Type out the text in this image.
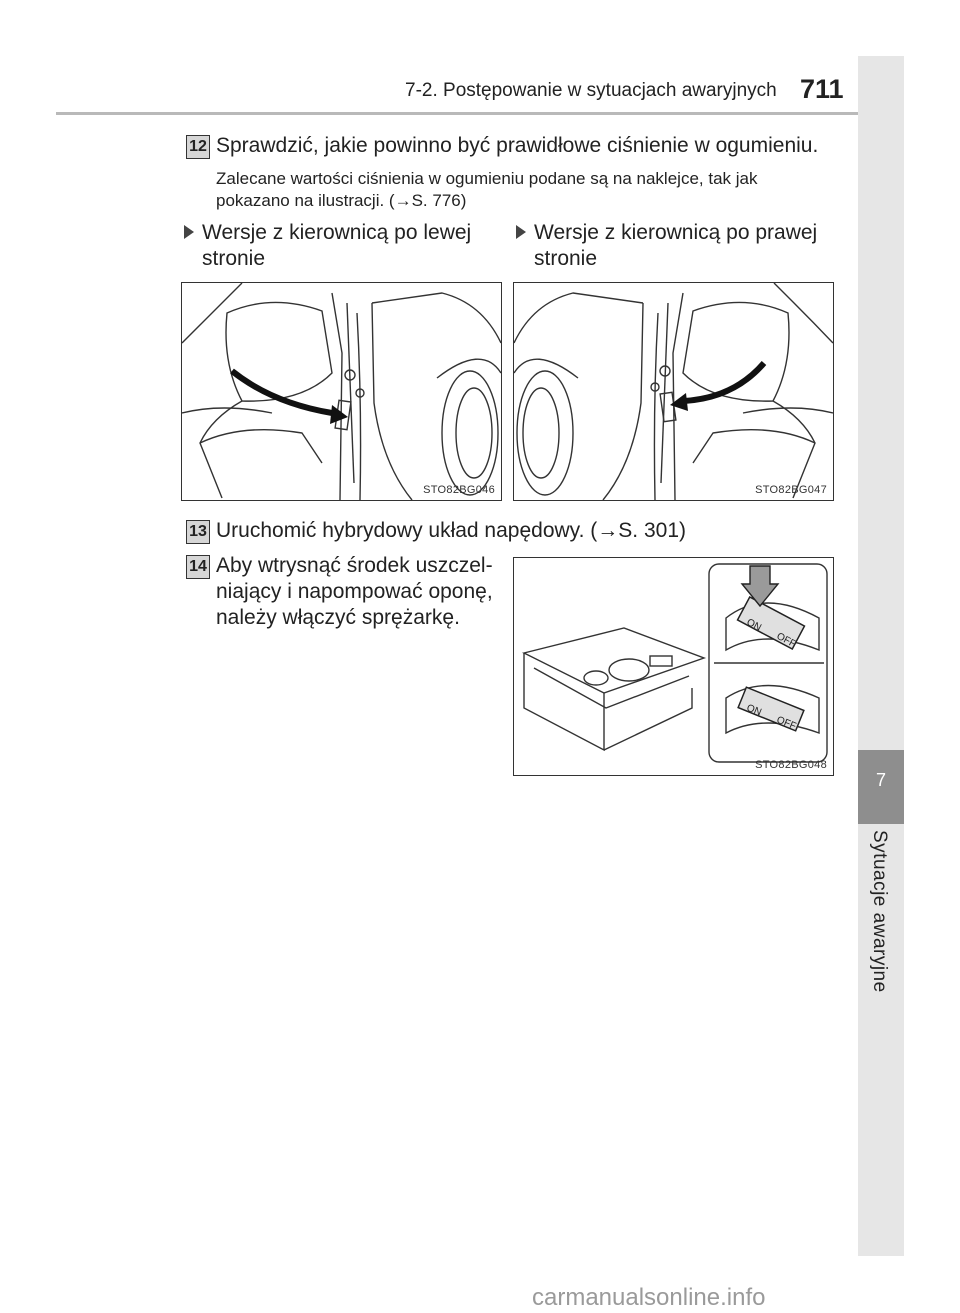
7-2. Postępowanie w sytuacjach awaryjnych 711
7
Sytuacje awaryjne
12 Sprawdzić, jakie powinno być prawidłowe ciśnienie w ogumieniu.
Zalecane wartości ciśnienia w ogumieniu podane są na naklejce, tak jak
pokazano na ilustracji. (→S. 776)
Wersje z kierownicą po lewej
stronie
Wersje z kierownicą po prawej
stronie
STO82BG046	STO82BG047
13 Uruchomić hybrydowy układ napędowy. (→S. 301)
14 Aby wtrysnąć środek uszczel-
niający i napompować oponę,
należy włączyć sprężarkę.	ON
OFF
ON
OFF
STO82BG048
carmanualsonline.info
